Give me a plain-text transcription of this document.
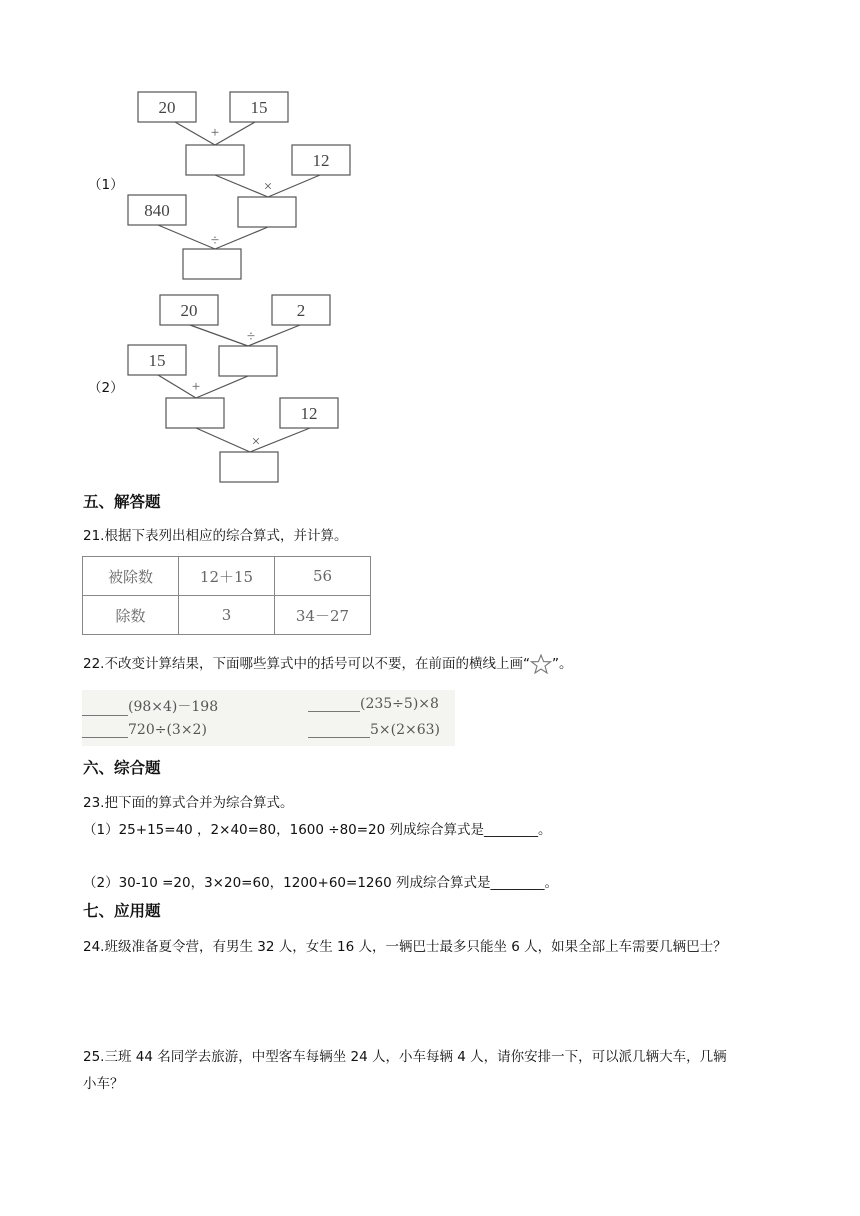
（1）
20	15
+
12
×
840
÷
（2）
20	2
÷
15
+
12
×
五、解答题
21.根据下表列出相应的综合算式，并计算。
被除数	12＋15	56
除数	3	34－27
22.不改变计算结果，下面哪些算式中的括号可以不要，在前面的横线上画“ ”。
(98×4)－198	(235÷5)×8
720÷(3×2)	5×(2×63)
六、综合题
23.把下面的算式合并为综合算式。
（1）25+15=40 ，2×40=80，1600 ÷80=20 列成综合算式是________。
（2）30-10 =20，3×20=60，1200+60=1260 列成综合算式是________。
七、应用题
24.班级准备夏令营，有男生 32 人，女生 16 人，一辆巴士最多只能坐 6 人，如果全部上车需要几辆巴士？
25.三班 44 名同学去旅游，中型客车每辆坐 24 人，小车每辆 4 人，请你安排一下，可以派几辆大车，几辆
小车？
